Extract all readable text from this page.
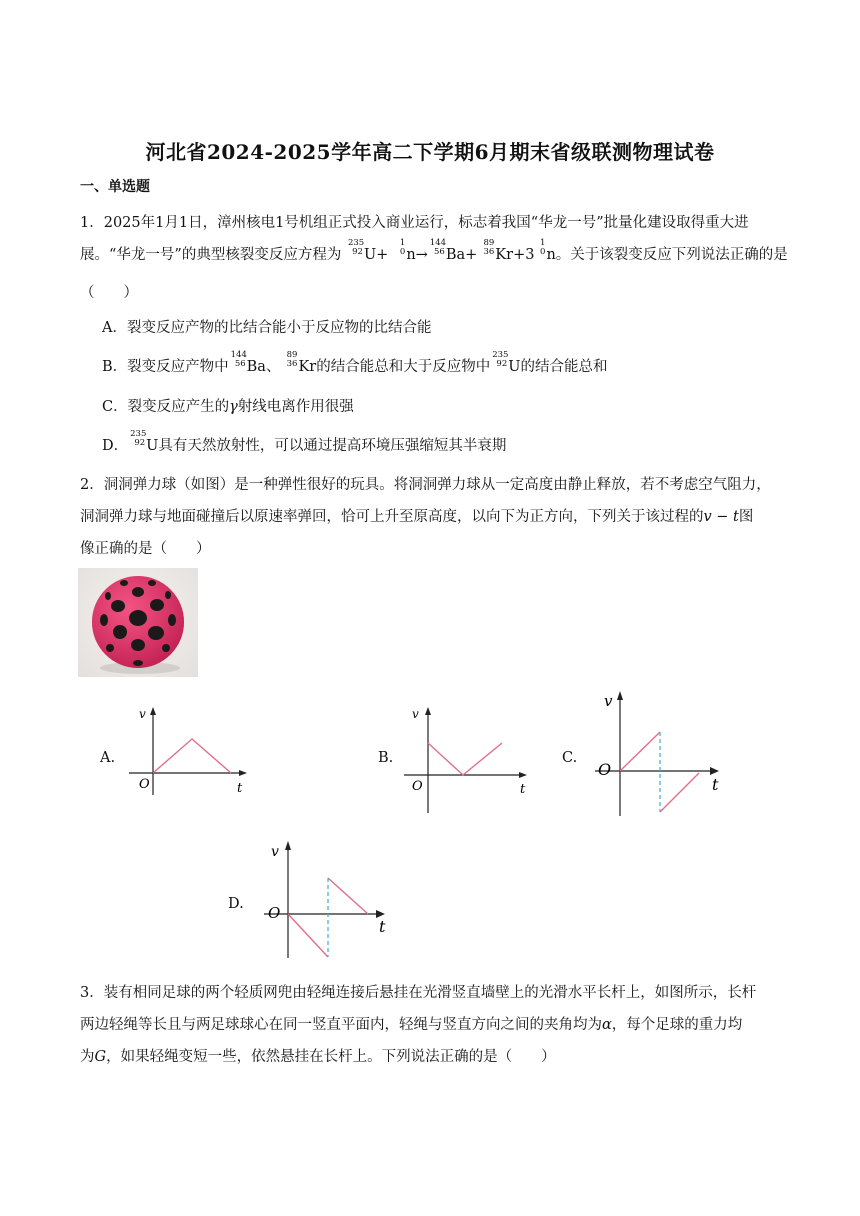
河北省2024-2025学年高二下学期6月期末省级联测物理试卷
一、单选题
1．2025年1月1日，漳州核电1号机组正式投入商业运行，标志着我国“华龙一号”批量化建设取得重大进
展。“华龙一号”的典型核裂变反应方程为
235
92 U+
1
0 n→
144
56 Ba+
89
36 Kr+3
1
0 n。关于该裂变反应下列说法正确的是
（　　）
A．裂变反应产物的比结合能小于反应物的比结合能
B．裂变反应产物中
144
56 Ba、
89
36 Kr的结合能总和大于反应物中
235
92 U的结合能总和
C．裂变反应产生的γ射线电离作用很强
D．
235
92 U具有天然放射性，可以通过提高环境压强缩短其半衰期
2．洞洞弹力球（如图）是一种弹性很好的玩具。将洞洞弹力球从一定高度由静止释放，若不考虑空气阻力，
洞洞弹力球与地面碰撞后以原速率弹回，恰可上升至原高度，以向下为正方向，下列关于该过程的v − t图
像正确的是（　　）
A.
v
O	t
B.
v
O	t
C.
v
O
t
D.
v
O
t
3．装有相同足球的两个轻质网兜由轻绳连接后悬挂在光滑竖直墙壁上的光滑水平长杆上，如图所示，长杆
两边轻绳等长且与两足球球心在同一竖直平面内，轻绳与竖直方向之间的夹角均为α，每个足球的重力均
为G，如果轻绳变短一些，依然悬挂在长杆上。下列说法正确的是（　　）
